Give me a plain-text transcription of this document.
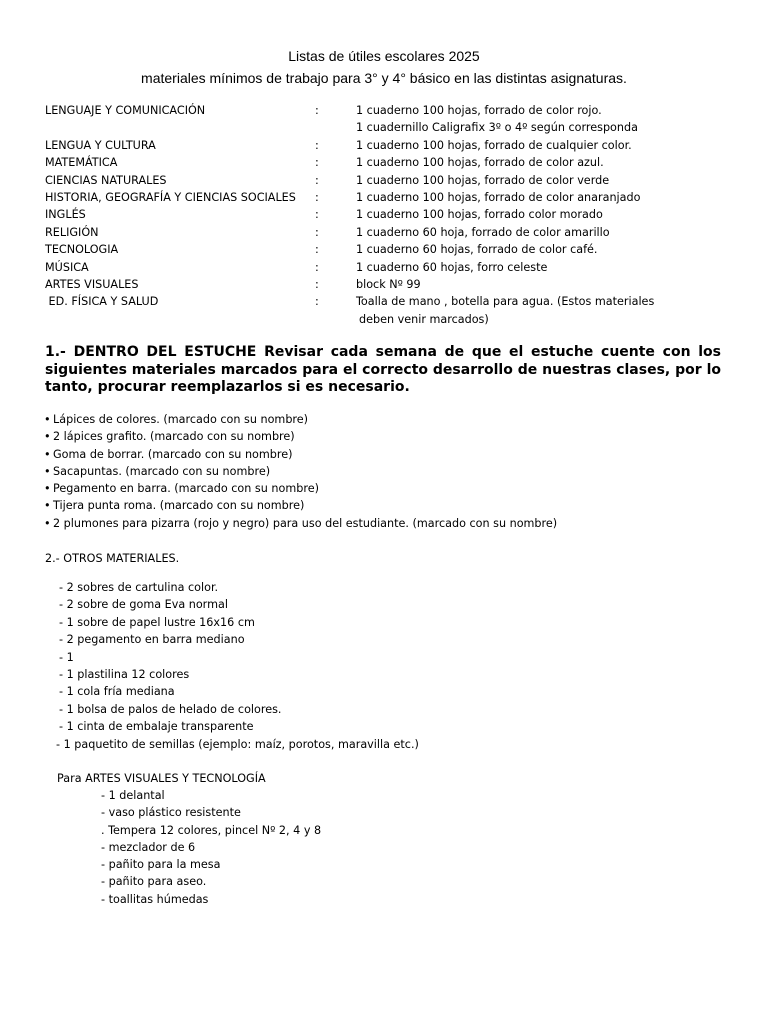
Listas de útiles escolares 2025
materiales mínimos de trabajo para 3° y 4° básico en las distintas asignaturas.
LENGUAJE Y COMUNICACIÓN	:	1 cuaderno 100 hojas, forrado de color rojo.
1 cuadernillo Caligrafix 3º o 4º según corresponda
LENGUA Y CULTURA	:	1 cuaderno 100 hojas, forrado de cualquier color.
MATEMÁTICA	:	1 cuaderno 100 hojas, forrado de color azul.
CIENCIAS NATURALES	:	1 cuaderno 100 hojas, forrado de color verde
HISTORIA, GEOGRAFÍA Y CIENCIAS SOCIALES :	1 cuaderno 100 hojas, forrado de color anaranjado
INGLÉS	:	1 cuaderno 100 hojas, forrado color morado
RELIGIÓN	:	1 cuaderno 60 hoja, forrado de color amarillo
TECNOLOGIA	:	1 cuaderno 60 hojas, forrado de color café.
MÚSICA	:	1 cuaderno 60 hojas, forro celeste
ARTES VISUALES	:	block Nº 99
ED. FÍSICA Y SALUD	:	Toalla de mano , botella para agua. (Estos materiales
deben venir marcados)
1.- DENTRO DEL ESTUCHE Revisar cada semana de que el estuche cuente con los siguientes materiales marcados para el correcto desarrollo de nuestras clases, por lo tanto, procurar reemplazarlos si es necesario.
• Lápices de colores. (marcado con su nombre)
• 2 lápices grafito. (marcado con su nombre)
• Goma de borrar. (marcado con su nombre)
• Sacapuntas. (marcado con su nombre)
• Pegamento en barra. (marcado con su nombre)
• Tijera punta roma. (marcado con su nombre)
• 2 plumones para pizarra (rojo y negro) para uso del estudiante. (marcado con su nombre)
2.- OTROS MATERIALES.
- 2 sobres de cartulina color.
- 2 sobre de goma Eva normal
- 1 sobre de papel lustre 16x16 cm
- 2 pegamento en barra mediano
- 1
- 1 plastilina 12 colores
- 1 cola fría mediana
- 1 bolsa de palos de helado de colores.
- 1 cinta de embalaje transparente
- 1 paquetito de semillas (ejemplo: maíz, porotos, maravilla etc.)
Para ARTES VISUALES Y TECNOLOGÍA
- 1 delantal
- vaso plástico resistente
. Tempera 12 colores, pincel Nº 2, 4 y 8
- mezclador de 6
- pañito para la mesa
- pañito para aseo.
- toallitas húmedas
